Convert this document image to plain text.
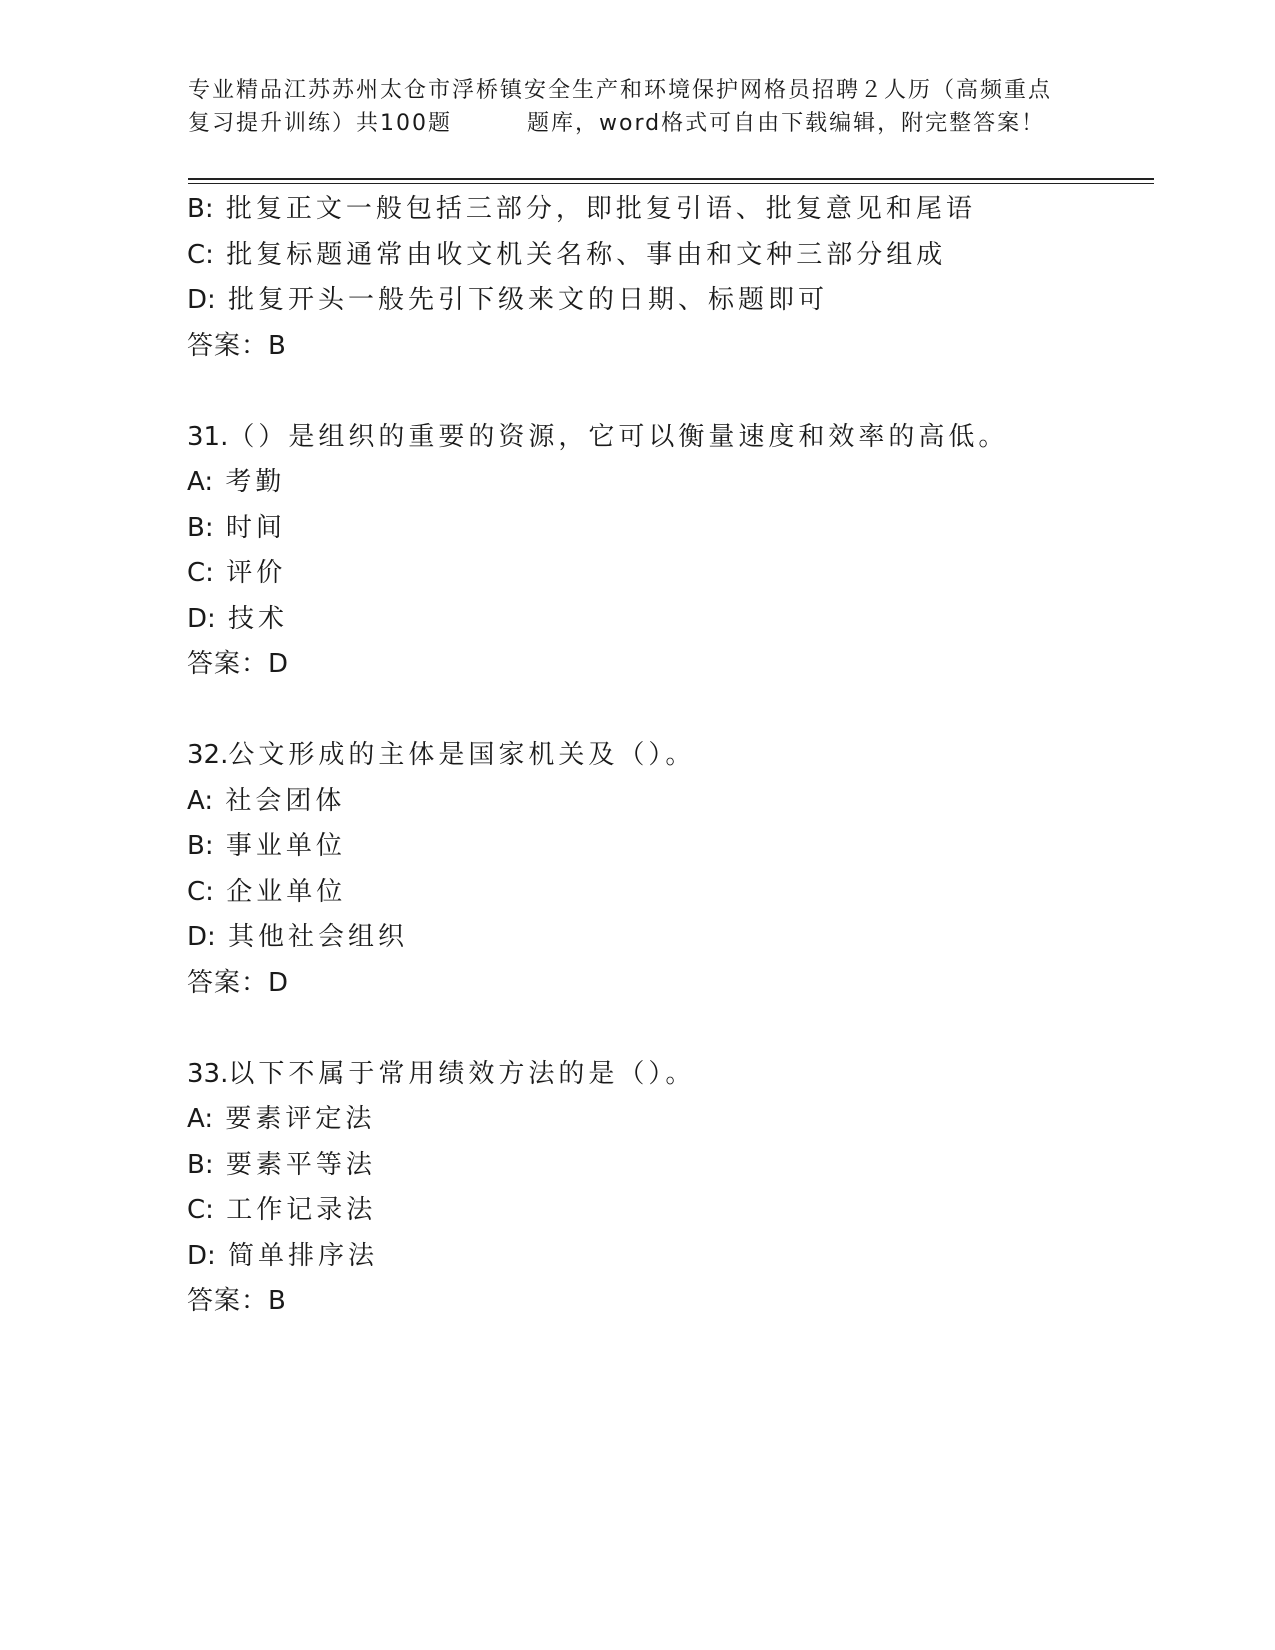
专业精品江苏苏州太仓市浮桥镇安全生产和环境保护网格员招聘２人历（高频重点
复习提升训练）共100题	题库，word格式可自由下载编辑，附完整答案！
B: 批复正文一般包括三部分，即批复引语、批复意见和尾语
C: 批复标题通常由收文机关名称、事由和文种三部分组成
D: 批复开头一般先引下级来文的日期、标题即可
答案：B
31.（）是组织的重要的资源，它可以衡量速度和效率的高低。
A: 考勤
B: 时间
C: 评价
D: 技术
答案：D
32.公文形成的主体是国家机关及（）。
A: 社会团体
B: 事业单位
C: 企业单位
D: 其他社会组织
答案：D
33.以下不属于常用绩效方法的是（）。
A: 要素评定法
B: 要素平等法
C: 工作记录法
D: 简单排序法
答案：B
